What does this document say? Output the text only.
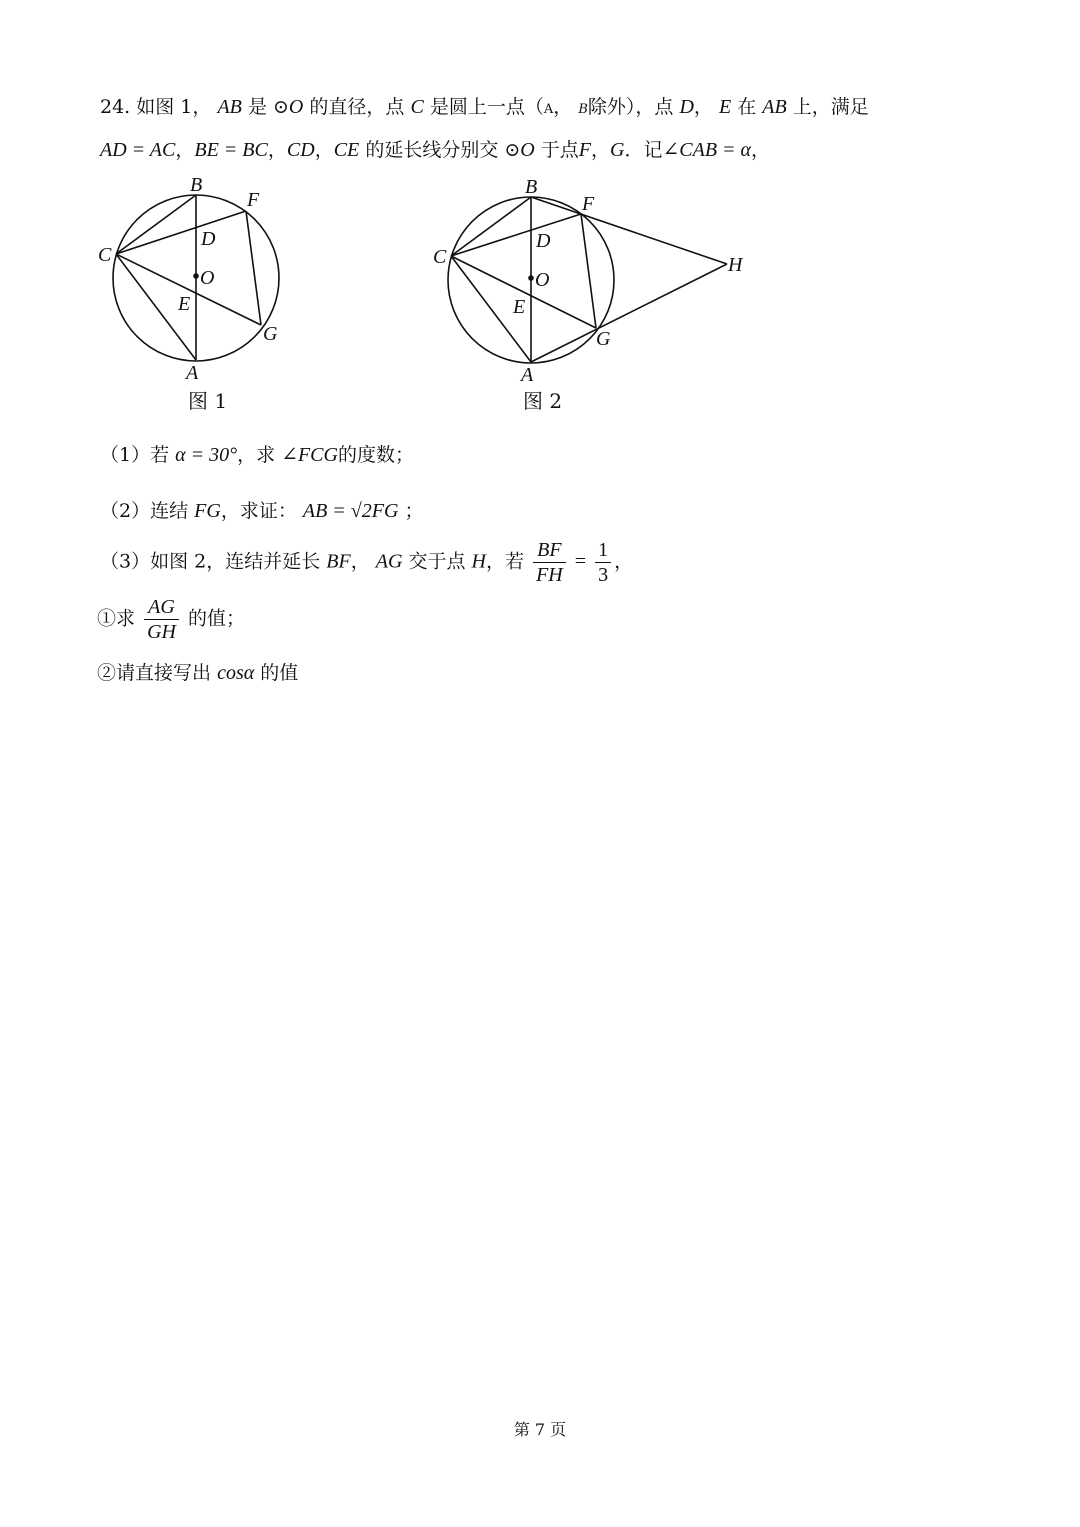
24. 如图 1， AB 是 ⊙O 的直径，点 C 是圆上一点（A， B除外），点 D， E 在 AB 上，满足
AD = AC，BE = BC，CD，CE 的延长线分别交 ⊙O 于点F，G．记∠CAB = α，
B
F
C
D
O
E
G
A
图 1
B
F
C
D
O
E
G
A
H
图 2
（1）若 α = 30°，求 ∠FCG的度数；
（2）连结 FG，求证： AB = √2FG ；
（3）如图 2，连结并延长 BF， AG 交于点 H，若 $\frac{BF}{FH} = \frac{1}{3}$ ，
①求 $\frac{AG}{GH}$ 的值；
②请直接写出 cosα 的值
第 7 页
